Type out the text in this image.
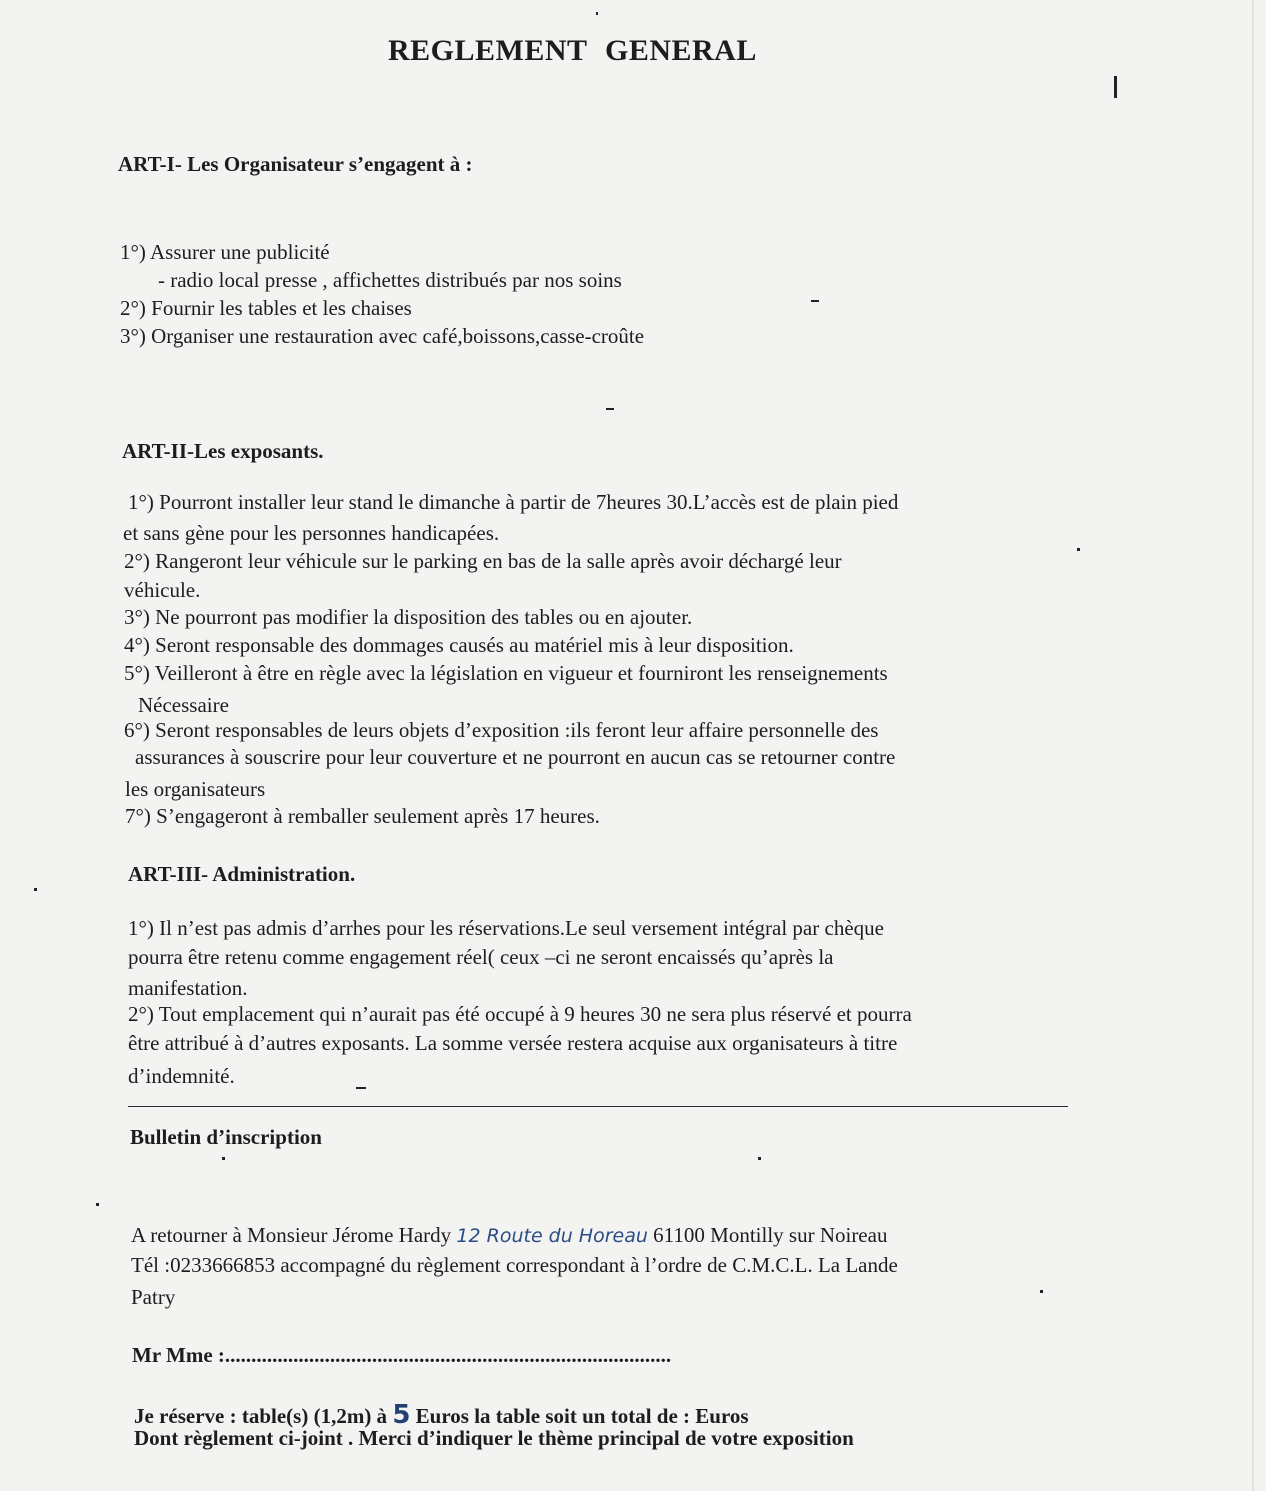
REGLEMENT GENERAL
ART-I- Les Organisateur s’engagent à :
1°) Assurer une publicité
- radio local presse , affichettes distribués par nos soins
2°) Fournir les tables et les chaises
3°) Organiser une restauration avec café,boissons,casse-croûte
ART-II-Les exposants.
1°) Pourront installer leur stand le dimanche à partir de 7heures 30.L’accès est de plain pied
et sans gène pour les personnes handicapées.
2°) Rangeront leur véhicule sur le parking en bas de la salle après avoir déchargé leur
véhicule.
3°) Ne pourront pas modifier la disposition des tables ou en ajouter.
4°) Seront responsable des dommages causés au matériel mis à leur disposition.
5°) Veilleront à être en règle avec la législation en vigueur et fourniront les renseignements
Nécessaire
6°) Seront responsables de leurs objets d’exposition :ils feront leur affaire personnelle des
assurances à souscrire pour leur couverture et ne pourront en aucun cas se retourner contre
les organisateurs
7°) S’engageront à remballer seulement après 17 heures.
ART-III- Administration.
1°) Il n’est pas admis d’arrhes pour les réservations.Le seul versement intégral par chèque
pourra être retenu comme engagement réel( ceux –ci ne seront encaissés qu’après la
manifestation.
2°) Tout emplacement qui n’aurait pas été occupé à 9 heures 30 ne sera plus réservé et pourra
être attribué à d’autres exposants. La somme versée restera acquise aux organisateurs à titre
d’indemnité.
Bulletin d’inscription
A retourner à Monsieur Jérome Hardy 12 Route du Horeau 61100 Montilly sur Noireau
Tél :0233666853 accompagné du règlement correspondant à l’ordre de C.M.C.L. La Lande
Patry
Mr Mme :.....................................................................................
Je réserve : table(s) (1,2m) à 5 Euros la table soit un total de : Euros
Dont règlement ci-joint . Merci d’indiquer le thème principal de votre exposition
